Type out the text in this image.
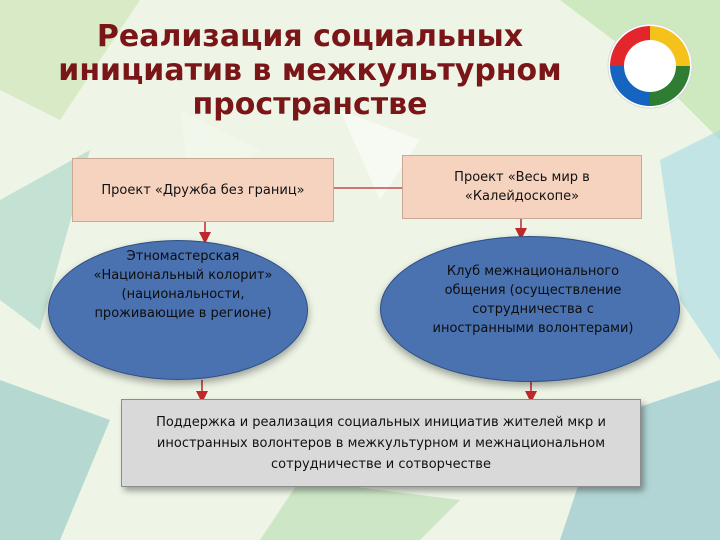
Реализация социальных
инициатив в межкультурном
пространстве
Проект «Дружба без границ»
Проект «Весь мир в «Калейдоскопе»
Этномастерская «Национальный колорит» (национальности, проживающие в регионе)
Клуб межнационального общения (осуществление сотрудничества с иностранными волонтерами)
Поддержка и реализация социальных инициатив жителей мкр и иностранных волонтеров в межкультурном и межнациональном сотрудничестве и сотворчестве
